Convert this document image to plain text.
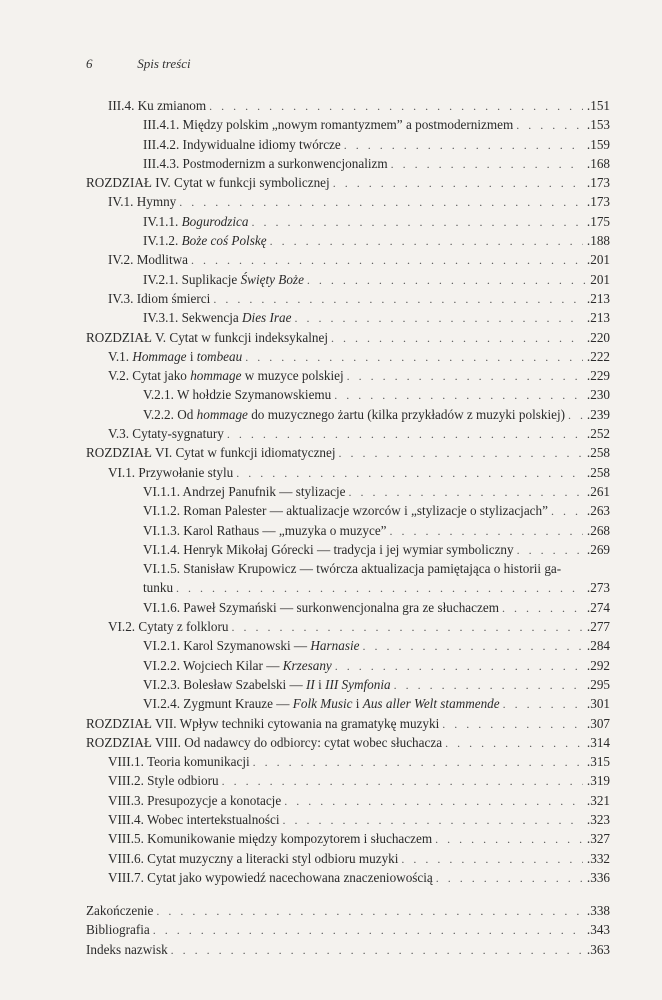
6	Spis treści
III.4. Ku zmianom . . .	.151
III.4.1. Między polskim „nowym romantyzmem” a postmodernizmem . . .	.153
III.4.2. Indywidualne idiomy twórcze . . .	.159
III.4.3. Postmodernizm a surkonwencjonalizm . . .	.168
ROZDZIAŁ IV. Cytat w funkcji symbolicznej . . .	.173
IV.1. Hymny . . .	.173
IV.1.1. Bogurodzica . . .	.175
IV.1.2. Boże coś Polskę . . .	.188
IV.2. Modlitwa . . .	.201
IV.2.1. Suplikacje Święty Boże . . .	201
IV.3. Idiom śmierci . . .	.213
IV.3.1. Sekwencja Dies Irae . . .	.213
ROZDZIAŁ V. Cytat w funkcji indeksykalnej . . .	.220
V.1. Hommage i tombeau . . .	.222
V.2. Cytat jako hommage w muzyce polskiej . . .	.229
V.2.1. W hołdzie Szymanowskiemu . . .	.230
V.2.2. Od hommage do muzycznego żartu (kilka przykładów z muzyki polskiej) . . . .239
V.3. Cytaty-sygnatury . . .	.252
ROZDZIAŁ VI. Cytat w funkcji idiomatycznej . . .	.258
VI.1. Przywołanie stylu . . .	.258
VI.1.1. Andrzej Panufnik — stylizacje . . .	.261
VI.1.2. Roman Palester — aktualizacje wzorców i „stylizacje o stylizacjach” . . .	.263
VI.1.3. Karol Rathaus — „muzyka o muzyce” . . .	.268
VI.1.4. Henryk Mikołaj Górecki — tradycja i jej wymiar symboliczny . . .	.269
VI.1.5. Stanisław Krupowicz — twórcza aktualizacja pamiętająca o historii ga-
tunku . . .	.273
VI.1.6. Paweł Szymański — surkonwencjonalna gra ze słuchaczem . . .	.274
VI.2. Cytaty z folkloru . . .	.277
VI.2.1. Karol Szymanowski — Harnasie . . .	.284
VI.2.2. Wojciech Kilar — Krzesany . . .	.292
VI.2.3. Bolesław Szabelski — II i III Symfonia . . .	.295
VI.2.4. Zygmunt Krauze — Folk Music i Aus aller Welt stammende . . .	.301
ROZDZIAŁ VII. Wpływ techniki cytowania na gramatykę muzyki . . .	.307
ROZDZIAŁ VIII. Od nadawcy do odbiorcy: cytat wobec słuchacza . . .	.314
VIII.1. Teoria komunikacji . . .	.315
VIII.2. Style odbioru . . .	.319
VIII.3. Presupozycje a konotacje . . .	.321
VIII.4. Wobec intertekstualności . . .	.323
VIII.5. Komunikowanie między kompozytorem i słuchaczem . . .	.327
VIII.6. Cytat muzyczny a literacki styl odbioru muzyki . . .	.332
VIII.7. Cytat jako wypowiedź nacechowana znaczeniowością . . .	.336
Zakończenie . . .	.338
Bibliografia . . .	.343
Indeks nazwisk . . .	.363
